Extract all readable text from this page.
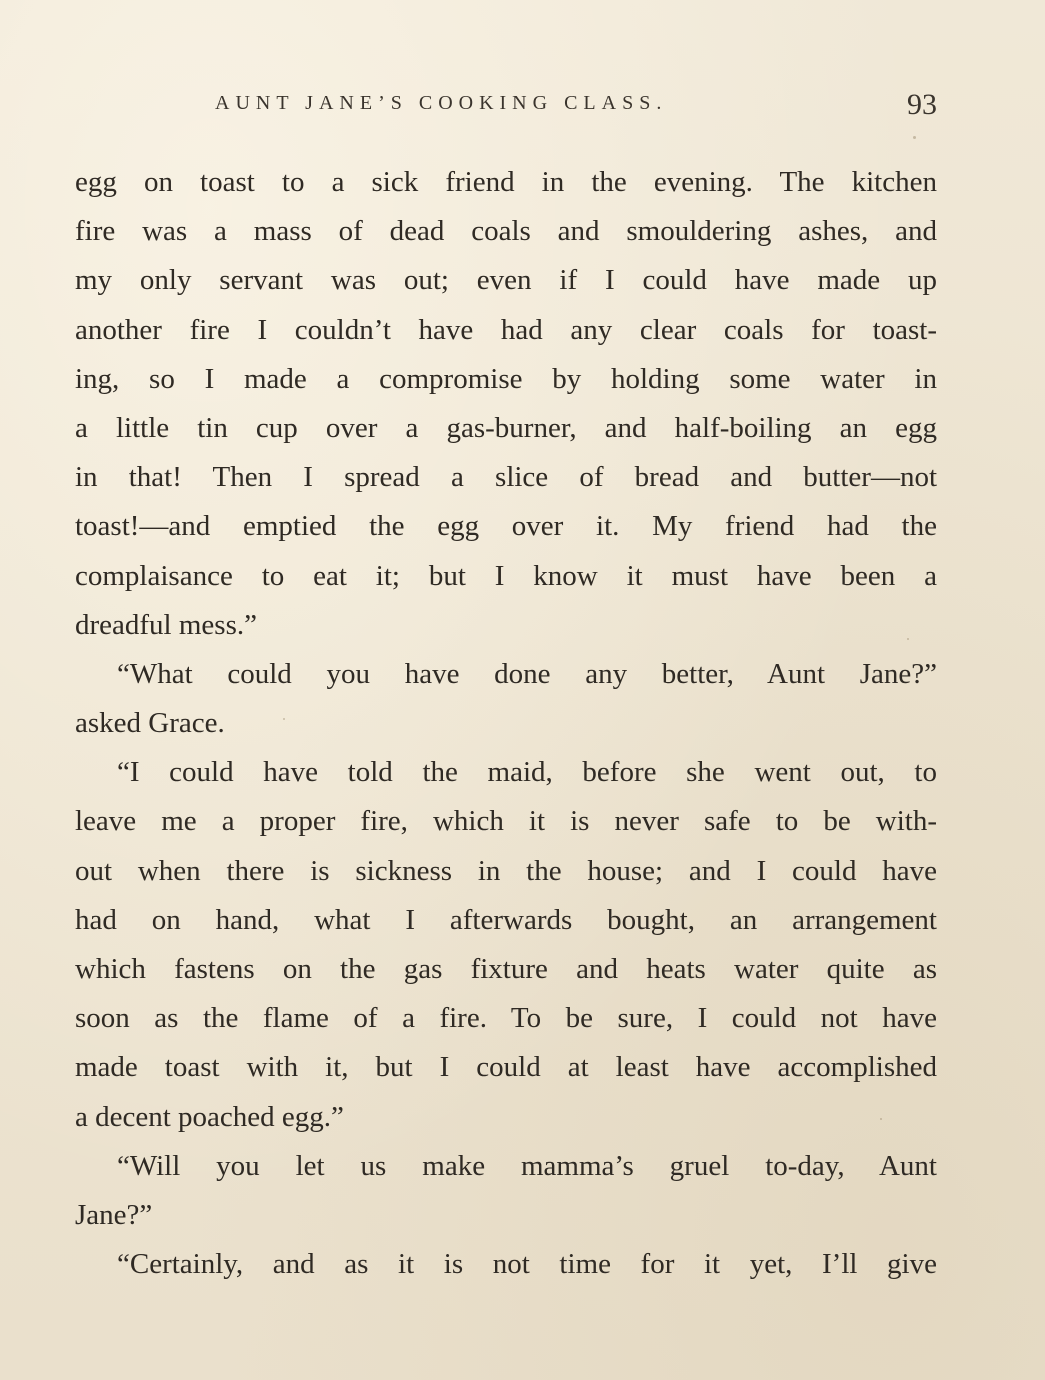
AUNT JANE’S COOKING CLASS.	93
egg on toast to a sick friend in the evening. The kitchen
fire was a mass of dead coals and smouldering ashes, and
my only servant was out; even if I could have made up
another fire I couldn’t have had any clear coals for toast-
ing, so I made a compromise by holding some water in
a little tin cup over a gas-burner, and half-boiling an egg
in that! Then I spread a slice of bread and butter—not
toast!—and emptied the egg over it. My friend had the
complaisance to eat it; but I know it must have been a
dreadful mess.”
“What could you have done any better, Aunt Jane?”
asked Grace.
“I could have told the maid, before she went out, to
leave me a proper fire, which it is never safe to be with-
out when there is sickness in the house; and I could have
had on hand, what I afterwards bought, an arrangement
which fastens on the gas fixture and heats water quite as
soon as the flame of a fire. To be sure, I could not have
made toast with it, but I could at least have accomplished
a decent poached egg.”
“Will you let us make mamma’s gruel to-day, Aunt
Jane?”
“Certainly, and as it is not time for it yet, I’ll give
